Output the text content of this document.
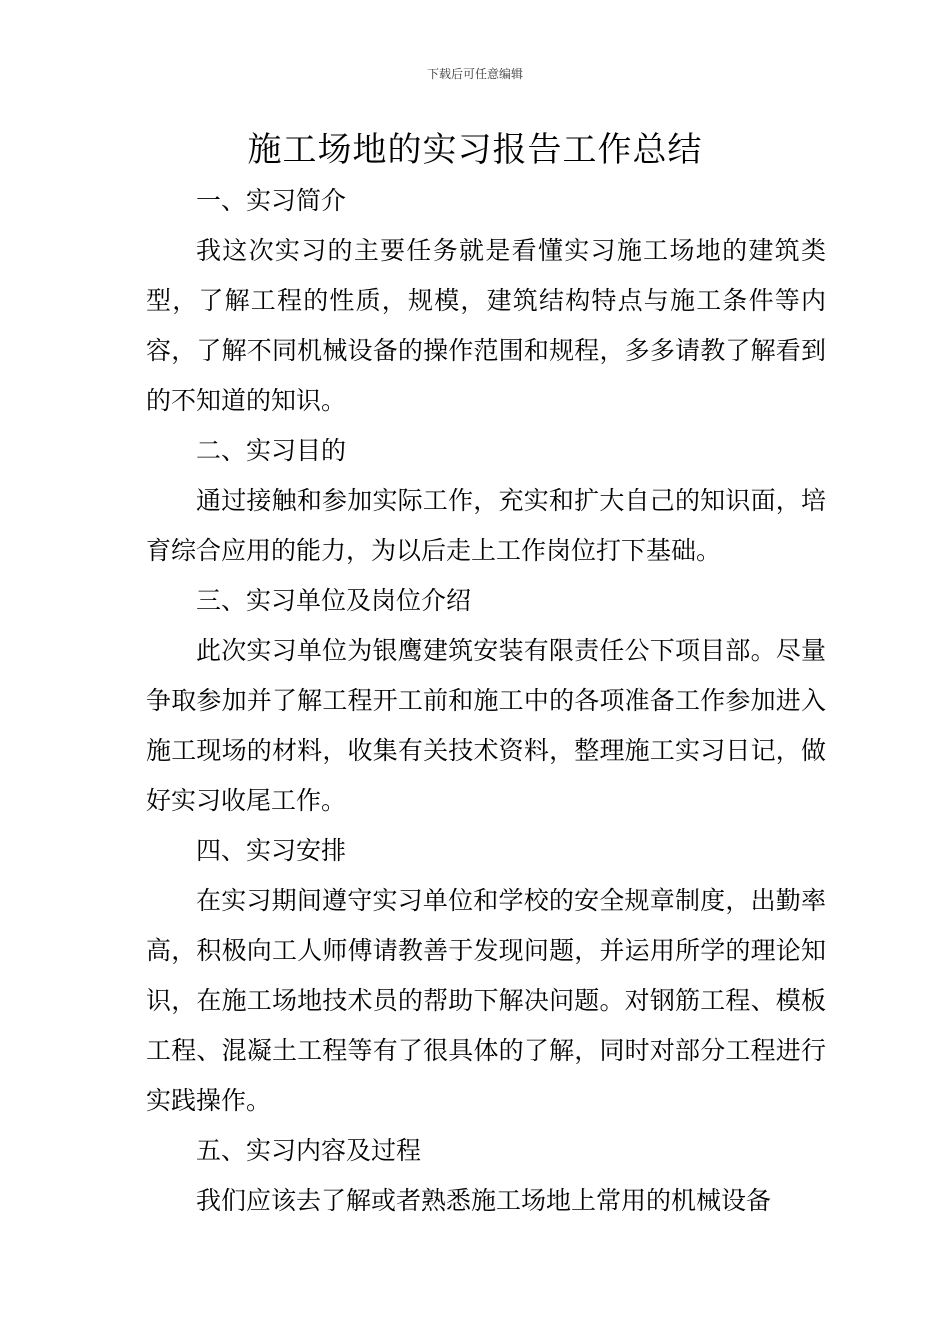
下载后可任意编辑
施工场地的实习报告工作总结
一、实习简介

我这次实习的主要任务就是看懂实习施工场地的建筑类型，了解工程的性质，规模，建筑结构特点与施工条件等内容，了解不同机械设备的操作范围和规程，多多请教了解看到的不知道的知识。

二、实习目的

通过接触和参加实际工作，充实和扩大自己的知识面，培育综合应用的能力，为以后走上工作岗位打下基础。

三、实习单位及岗位介绍

此次实习单位为银鹰建筑安装有限责任公下项目部。尽量争取参加并了解工程开工前和施工中的各项准备工作参加进入施工现场的材料，收集有关技术资料，整理施工实习日记，做好实习收尾工作。

四、实习安排

在实习期间遵守实习单位和学校的安全规章制度，出勤率高，积极向工人师傅请教善于发现问题，并运用所学的理论知识，在施工场地技术员的帮助下解决问题。对钢筋工程、模板工程、混凝土工程等有了很具体的了解，同时对部分工程进行实践操作。

五、实习内容及过程

我们应该去了解或者熟悉施工场地上常用的机械设备
